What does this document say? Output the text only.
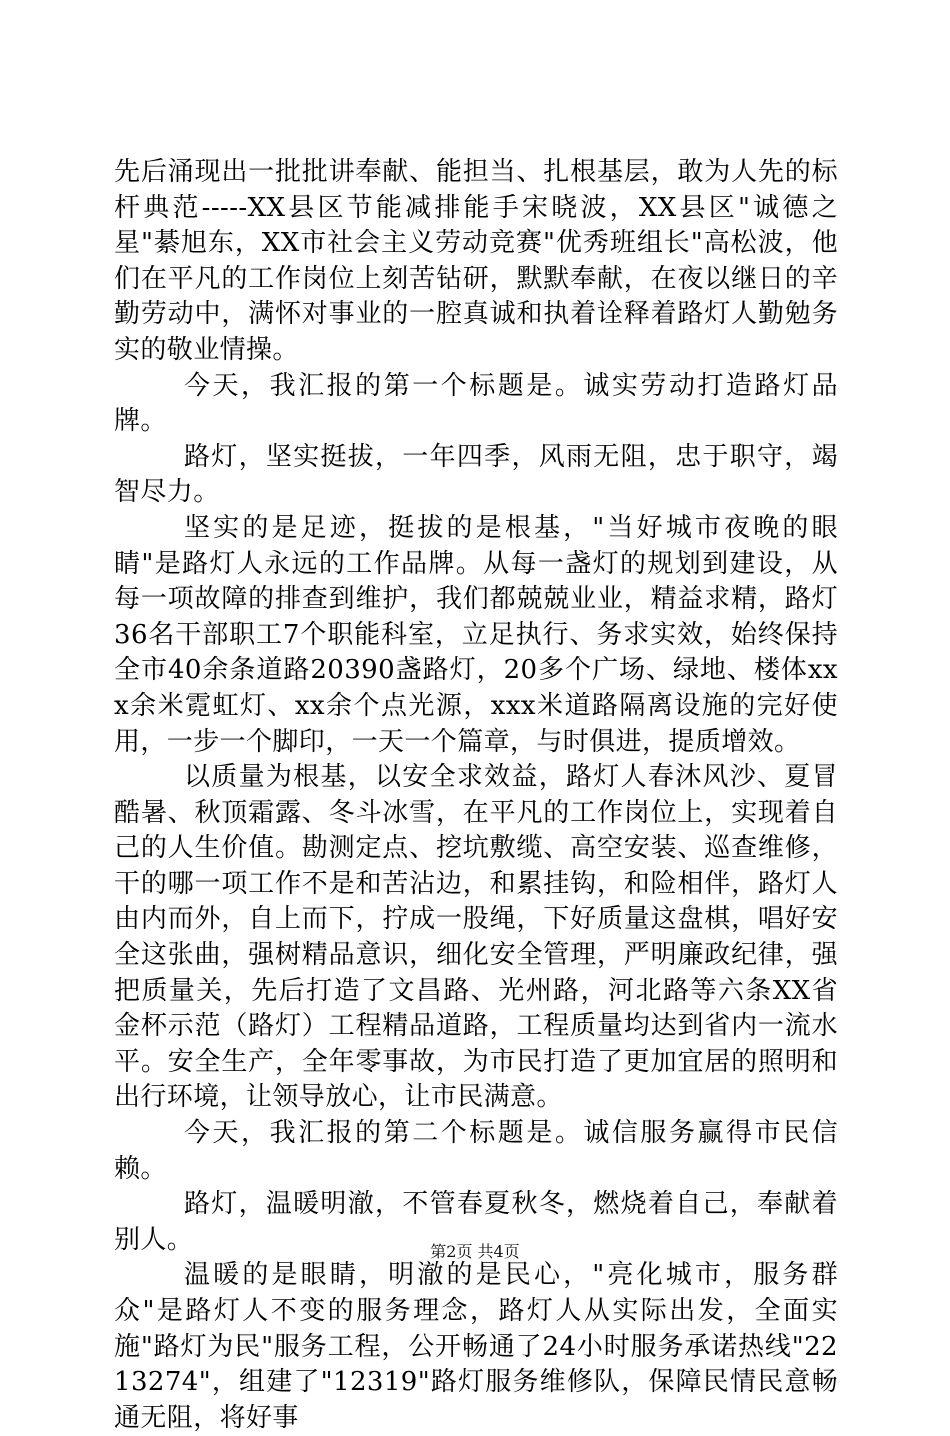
先后涌现出一批批讲奉献、能担当、扎根基层，敢为人先的标杆典范-----XX县区节能减排能手宋晓波，XX县区"诚德之星"綦旭东，XX市社会主义劳动竞赛"优秀班组长"高松波，他们在平凡的工作岗位上刻苦钻研，默默奉献，在夜以继日的辛勤劳动中，满怀对事业的一腔真诚和执着诠释着路灯人勤勉务实的敬业情操。

今天，我汇报的第一个标题是。诚实劳动打造路灯品牌。

路灯，坚实挺拔，一年四季，风雨无阻，忠于职守，竭智尽力。

坚实的是足迹，挺拔的是根基，"当好城市夜晚的眼睛"是路灯人永远的工作品牌。从每一盏灯的规划到建设，从每一项故障的排查到维护，我们都兢兢业业，精益求精，路灯36名干部职工7个职能科室，立足执行、务求实效，始终保持全市40余条道路20390盏路灯，20多个广场、绿地、楼体xxx余米霓虹灯、xx余个点光源，xxx米道路隔离设施的完好使用，一步一个脚印，一天一个篇章，与时俱进，提质增效。

以质量为根基，以安全求效益，路灯人春沐风沙、夏冒酷暑、秋顶霜露、冬斗冰雪，在平凡的工作岗位上，实现着自己的人生价值。勘测定点、挖坑敷缆、高空安装、巡查维修，干的哪一项工作不是和苦沾边，和累挂钩，和险相伴，路灯人由内而外，自上而下，拧成一股绳，下好质量这盘棋，唱好安全这张曲，强树精品意识，细化安全管理，严明廉政纪律，强把质量关，先后打造了文昌路、光州路，河北路等六条XX省金杯示范（路灯）工程精品道路，工程质量均达到省内一流水平。安全生产，全年零事故，为市民打造了更加宜居的照明和出行环境，让领导放心，让市民满意。

今天，我汇报的第二个标题是。诚信服务赢得市民信赖。

路灯，温暖明澈，不管春夏秋冬，燃烧着自己，奉献着别人。

温暖的是眼睛，明澈的是民心，"亮化城市，服务群众"是路灯人不变的服务理念，路灯人从实际出发，全面实施"路灯为民"服务工程，公开畅通了24小时服务承诺热线"2213274"，组建了"12319"路灯服务维修队，保障民情民意畅通无阻，将好事

第2页 共4页
